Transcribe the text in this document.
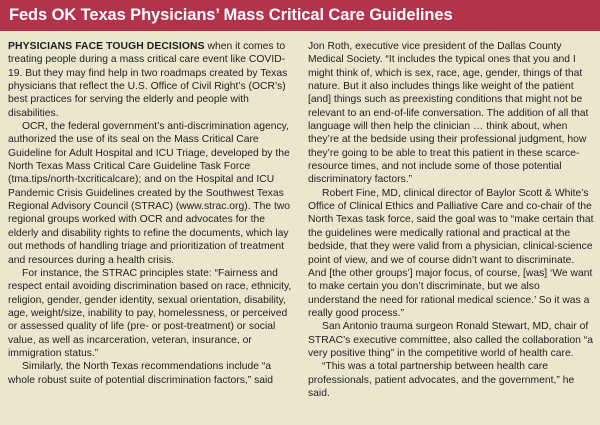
Feds OK Texas Physicians’ Mass Critical Care Guidelines

PHYSICIANS FACE TOUGH DECISIONS when it comes to treating people during a mass critical care event like COVID-19. But they may find help in two roadmaps created by Texas physicians that reflect the U.S. Office of Civil Right’s (OCR’s) best practices for serving the elderly and people with disabilities.

OCR, the federal government’s anti-discrimination agency, authorized the use of its seal on the Mass Critical Care Guideline for Adult Hospital and ICU Triage, developed by the North Texas Mass Critical Care Guideline Task Force (tma.tips/north-txcriticalcare); and on the Hospital and ICU Pandemic Crisis Guidelines created by the Southwest Texas Regional Advisory Council (STRAC) (www.strac.org). The two regional groups worked with OCR and advocates for the elderly and disability rights to refine the documents, which lay out methods of handling triage and prioritization of treatment and resources during a health crisis.

For instance, the STRAC principles state: “Fairness and respect entail avoiding discrimination based on race, ethnicity, religion, gender, gender identity, sexual orientation, disability, age, weight/size, inability to pay, homelessness, or perceived or assessed quality of life (pre- or post-treatment) or social value, as well as incarceration, veteran, insurance, or immigration status.”

Similarly, the North Texas recommendations include “a whole robust suite of potential discrimination factors,” said

Jon Roth, executive vice president of the Dallas County Medical Society. “It includes the typical ones that you and I might think of, which is sex, race, age, gender, things of that nature. But it also includes things like weight of the patient [and] things such as preexisting conditions that might not be relevant to an end-of-life conversation. The addition of all that language will then help the clinician … think about, when they’re at the bedside using their professional judgment, how they’re going to be able to treat this patient in these scarce-resource times, and not include some of those potential discriminatory factors.”

Robert Fine, MD, clinical director of Baylor Scott & White’s Office of Clinical Ethics and Palliative Care and co-chair of the North Texas task force, said the goal was to “make certain that the guidelines were medically rational and practical at the bedside, that they were valid from a physician, clinical-science point of view, and we of course didn’t want to discriminate. And [the other groups’] major focus, of course, [was] ‘We want to make certain you don’t discriminate, but we also understand the need for rational medical science.’ So it was a really good process.”

San Antonio trauma surgeon Ronald Stewart, MD, chair of STRAC’s executive committee, also called the collaboration “a very positive thing” in the competitive world of health care.

“This was a total partnership between health care professionals, patient advocates, and the government,” he said.
